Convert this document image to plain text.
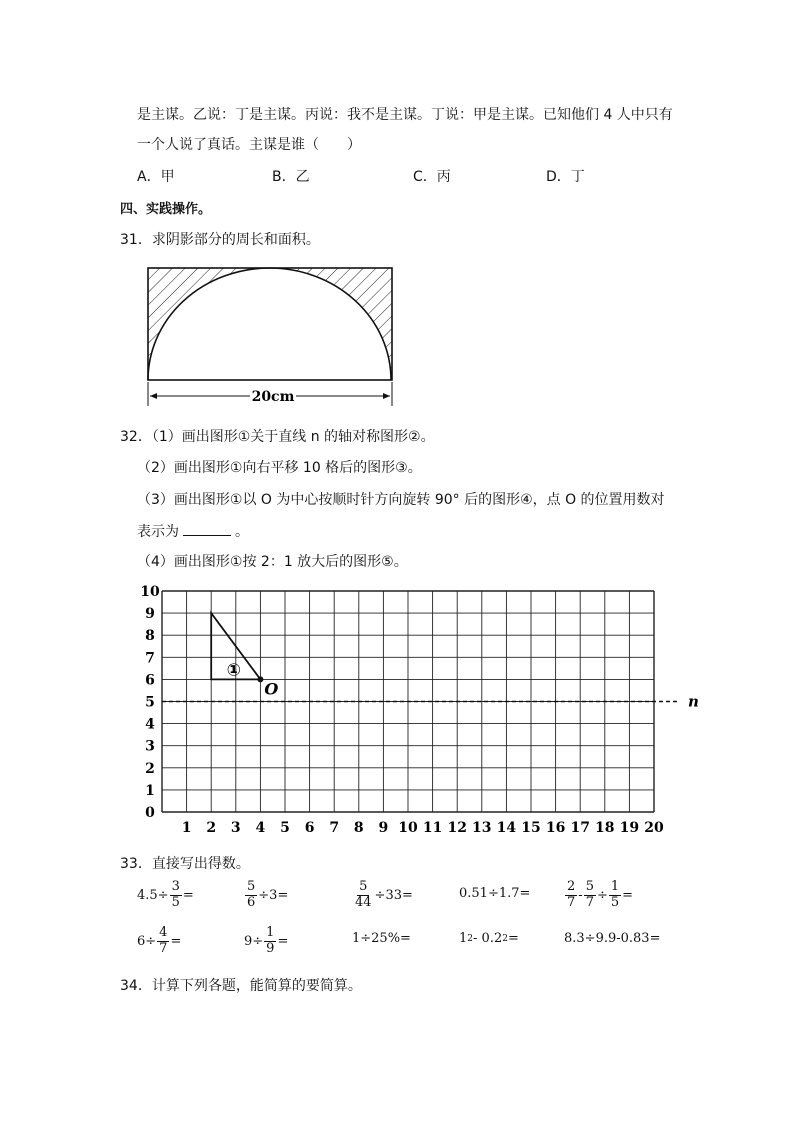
是主谋。乙说：丁是主谋。丙说：我不是主谋。丁说：甲是主谋。已知他们 4 人中只有
一个人说了真话。主谋是谁（　　）
A．甲	B．乙	C．丙	D．丁
四、实践操作。
31．求阴影部分的周长和面积。
20cm
32．（1）画出图形①关于直线 n 的轴对称图形②。
（2）画出图形①向右平移 10 格后的图形③。
（3）画出图形①以 O 为中心按顺时针方向旋转 90° 后的图形④，点 O 的位置用数对
表示为	。
（4）画出图形①按 2：1 放大后的图形⑤。
1 2 3 4 5 6 7 8 9 10 11 12 13 14 15 16 17 18 19 20
0
1
2
3
4
5
6
7
8
9
10
n
①
O
33．直接写出得数。
$4.5\div \frac{3}{5}$ =	$\frac{5}{6} \div 3=$	$\frac{5}{44} \div 33=$	0.51÷1.7=	$\frac{2}{7} - \frac{5}{7} \div \frac{1}{5}$ =
$6\div \frac{4}{7}$ =	$9\div \frac{1}{9}$ =	1÷25%=	1 2 - 0.2 2 =	8.3÷9.9-0.83=
34．计算下列各题，能简算的要简算。
